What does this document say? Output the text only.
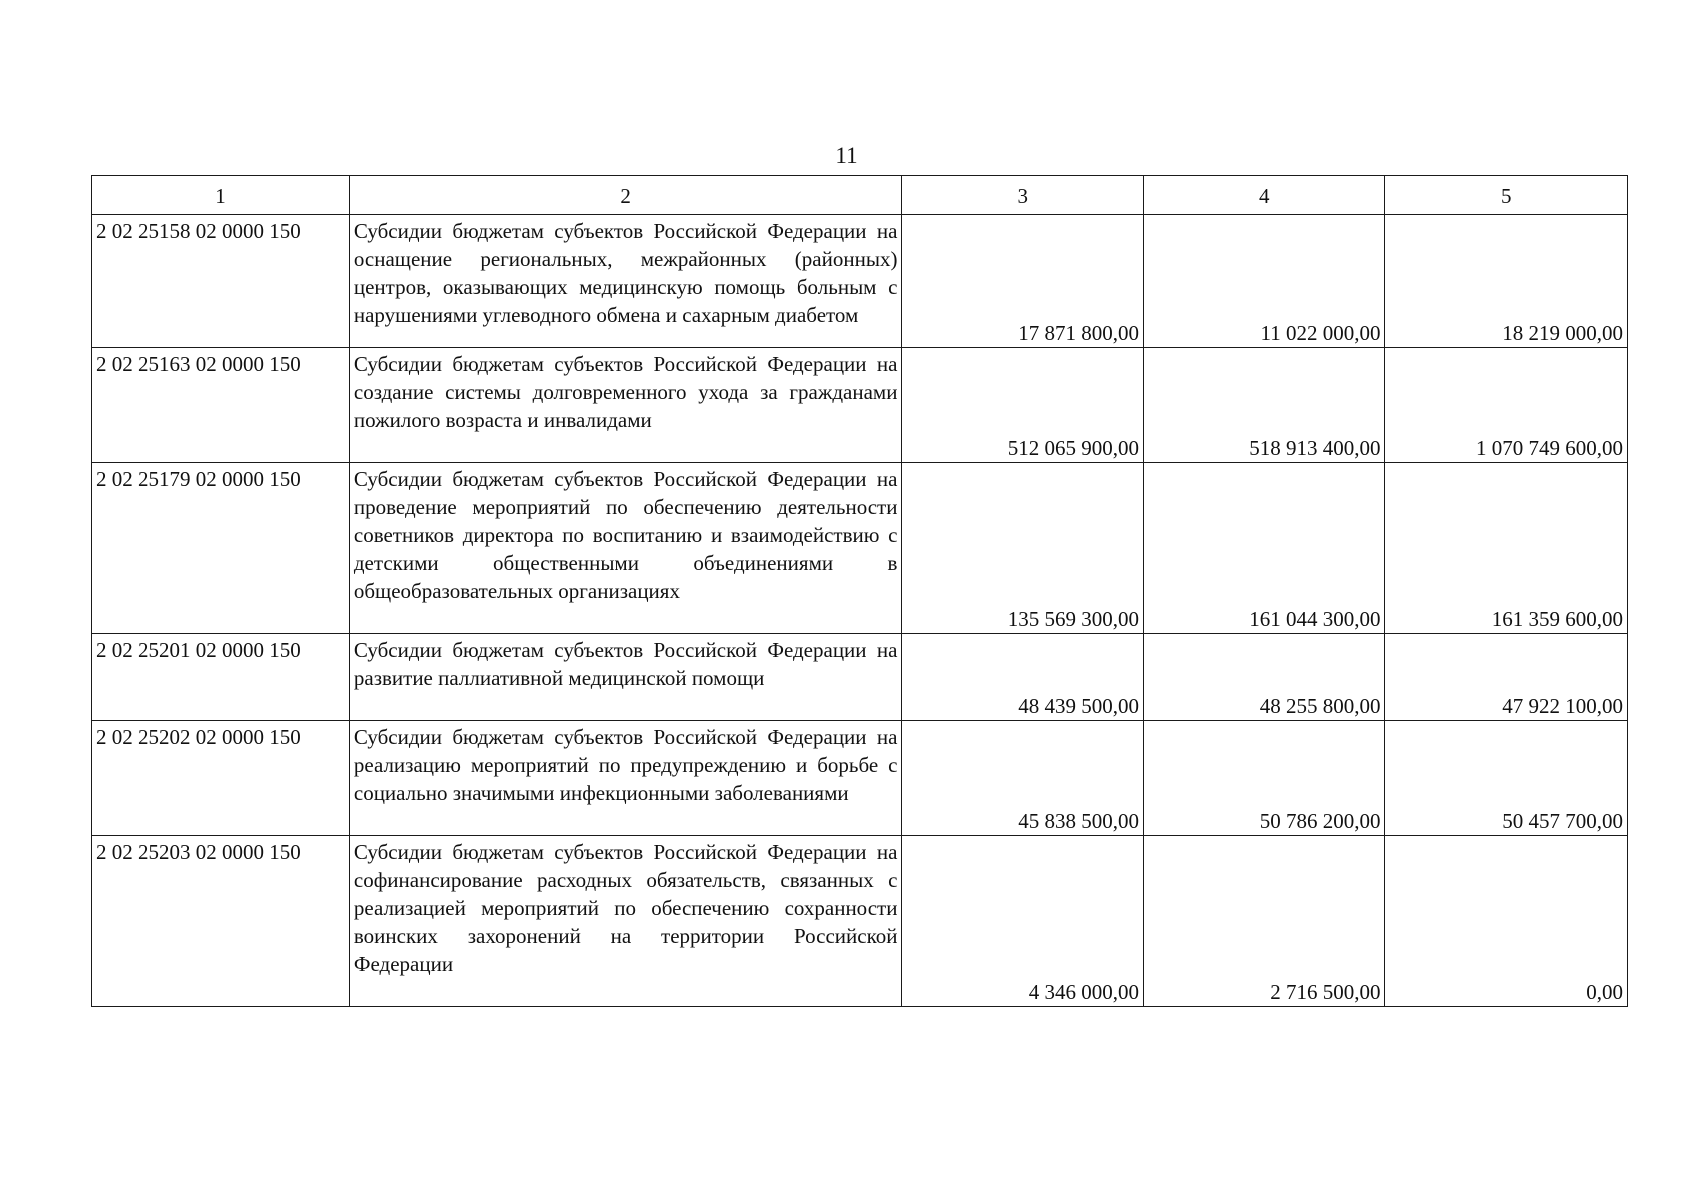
11
1	2	3	4	5
2 02 25158 02 0000 150	Субсидии бюджетам субъектов Российской Федерации на оснащение региональных, межрайонных (районных) центров, оказывающих медицинскую помощь больным с нарушениями углеводного обмена и сахарным диабетом	17 871 800,00	11 022 000,00	18 219 000,00
2 02 25163 02 0000 150	Субсидии бюджетам субъектов Российской Федерации на создание системы долговременного ухода за гражданами пожилого возраста и инвалидами	512 065 900,00	518 913 400,00	1 070 749 600,00
2 02 25179 02 0000 150	Субсидии бюджетам субъектов Российской Федерации на проведение мероприятий по обеспечению деятельности советников директора по воспитанию и взаимодействию с детскими общественными объединениями в общеобразовательных организациях	135 569 300,00	161 044 300,00	161 359 600,00
2 02 25201 02 0000 150	Субсидии бюджетам субъектов Российской Федерации на развитие паллиативной медицинской помощи	48 439 500,00	48 255 800,00	47 922 100,00
2 02 25202 02 0000 150	Субсидии бюджетам субъектов Российской Федерации на реализацию мероприятий по предупреждению и борьбе с социально значимыми инфекционными заболеваниями	45 838 500,00	50 786 200,00	50 457 700,00
2 02 25203 02 0000 150	Субсидии бюджетам субъектов Российской Федерации на софинансирование расходных обязательств, связанных с реализацией мероприятий по обеспечению сохранности воинских захоронений на территории Российской Федерации	4 346 000,00	2 716 500,00	0,00
